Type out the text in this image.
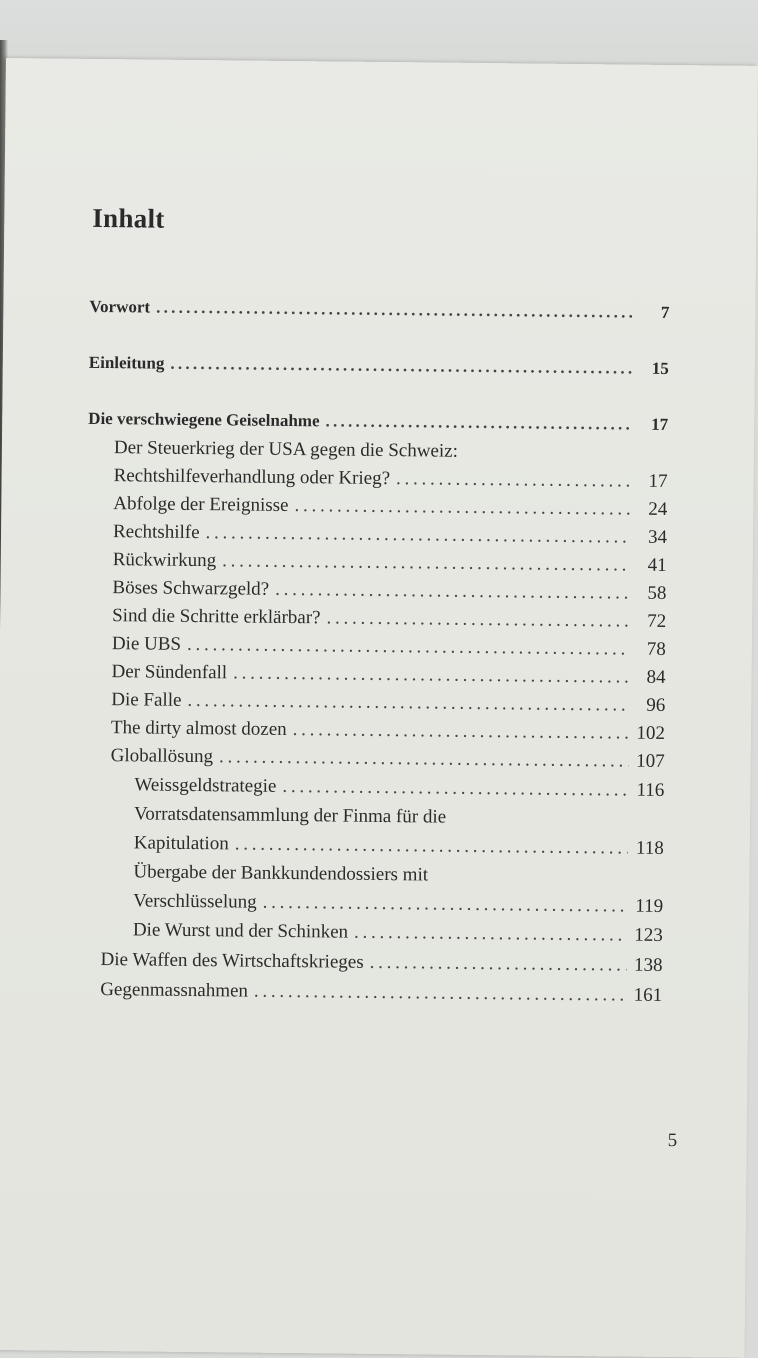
Inhalt
Vorwort . . .	7
Einleitung . . .	15
Die verschwiegene Geiselnahme . . .	17
Der Steuerkrieg der USA gegen die Schweiz:
Rechtshilfeverhandlung oder Krieg? . . .	17
Abfolge der Ereignisse . . .	24
Rechtshilfe . . .	34
Rückwirkung . . .	41
Böses Schwarzgeld? . . .	58
Sind die Schritte erklärbar? . . .	72
Die UBS . . .	78
Der Sündenfall . . .	84
Die Falle . . .	96
The dirty almost dozen . . .	102
Globallösung . . .	107
Weissgeldstrategie . . .	116
Vorratsdatensammlung der Finma für die
Kapitulation . . .	118
Übergabe der Bankkundendossiers mit
Verschlüsselung . . .	119
Die Wurst und der Schinken . . .	123
Die Waffen des Wirtschaftskrieges . . .	138
Gegenmassnahmen . . .	161
5
